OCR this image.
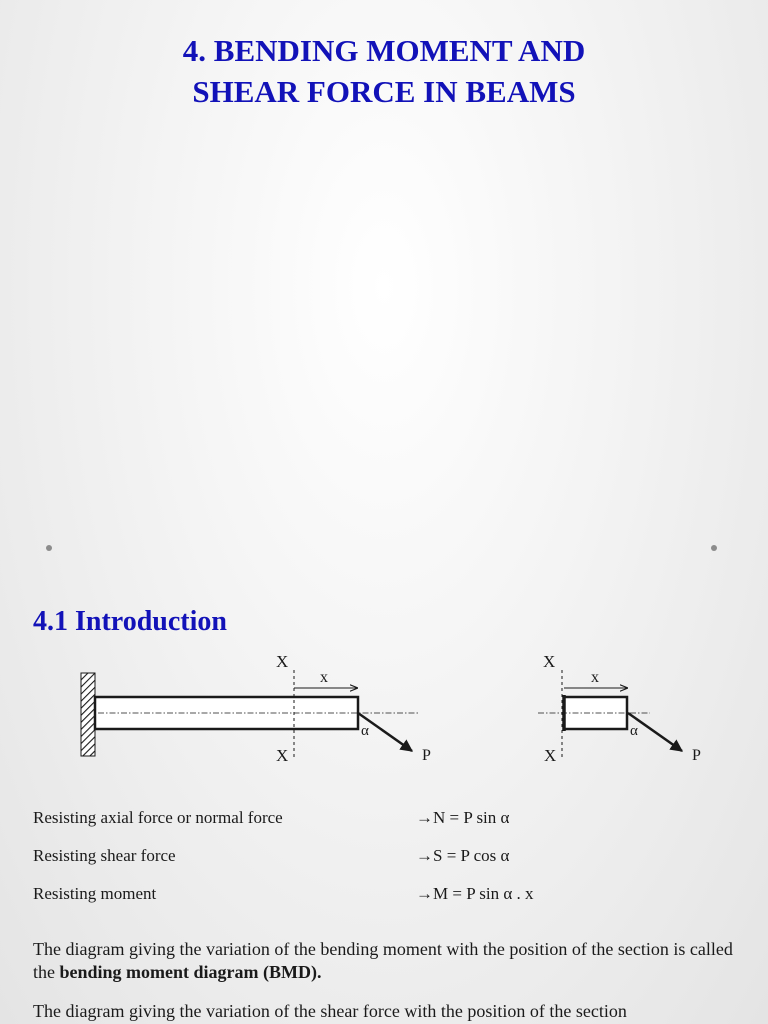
4. BENDING MOMENT AND
SHEAR FORCE IN BEAMS
4.1 Introduction
X
X
x
α
P
X
X
x
α
P
Resisting axial force or normal force	→N = P sin α
Resisting shear force	→S = P cos α
Resisting moment	→M = P sin α . x

The diagram giving the variation of the bending moment with the position of the section is called the bending moment diagram (BMD).

The diagram giving the variation of the shear force with the position of the section
